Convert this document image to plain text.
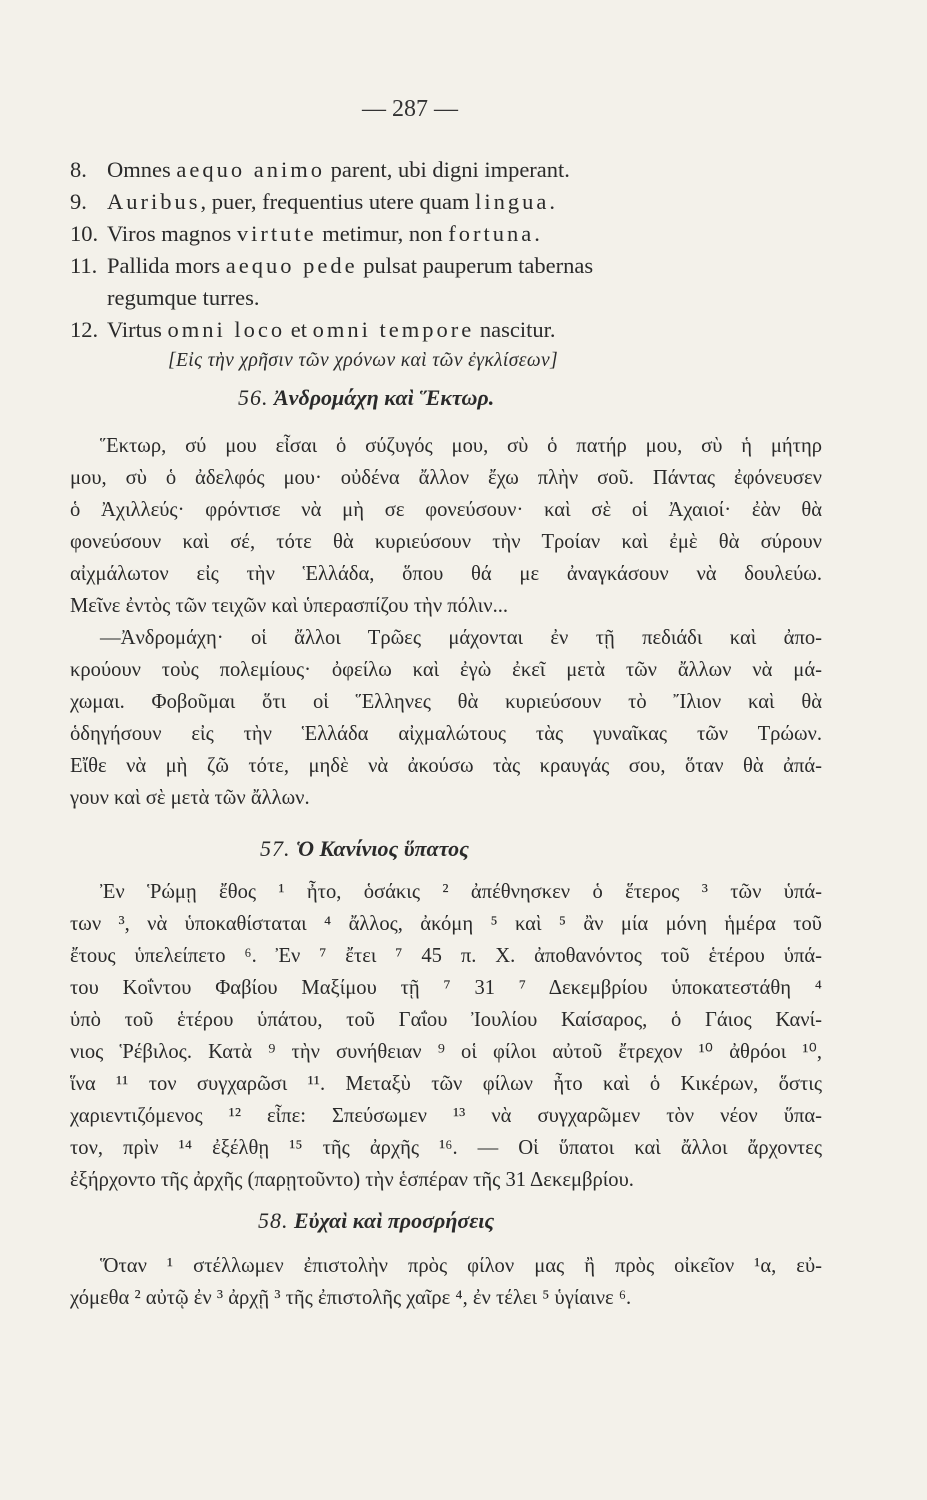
— 287 —
8. Omnes aequo animo parent, ubi digni imperant.
9. Auribus, puer, frequentius utere quam lingua.
10. Viros magnos virtute metimur, non fortuna.
11. Pallida mors aequo pede pulsat pauperum tabernas
regumque turres.
12. Virtus omni loco et omni tempore nascitur.
[Εἰς τὴν χρῆσιν τῶν χρόνων καὶ τῶν ἐγκλίσεων]
56. Ἀνδρομάχη καὶ Ἕκτωρ.
Ἕκτωρ, σύ μου εἶσαι ὁ σύζυγός μου, σὺ ὁ πατήρ μου, σὺ ἡ μήτηρ
μου, σὺ ὁ ἀδελφός μου· οὐδένα ἄλλον ἔχω πλὴν σοῦ. Πάντας ἐφόνευσεν
ὁ Ἀχιλλεύς· φρόντισε νὰ μὴ σε φονεύσουν· καὶ σὲ οἱ Ἀχαιοί· ἐὰν θὰ
φονεύσουν καὶ σέ, τότε θὰ κυριεύσουν τὴν Τροίαν καὶ ἐμὲ θὰ σύρουν
αἰχμάλωτον εἰς τὴν Ἑλλάδα, ὅπου θά με ἀναγκάσουν νὰ δουλεύω.
Μεῖνε ἐντὸς τῶν τειχῶν καὶ ὑπερασπίζου τὴν πόλιν...
—Ἀνδρομάχη· οἱ ἄλλοι Τρῶες μάχονται ἐν τῇ πεδιάδι καὶ ἀπο-
κρούουν τοὺς πολεμίους· ὀφείλω καὶ ἐγὼ ἐκεῖ μετὰ τῶν ἄλλων νὰ μά-
χωμαι. Φοβοῦμαι ὅτι οἱ Ἕλληνες θὰ κυριεύσουν τὸ Ἴλιον καὶ θὰ
ὁδηγήσουν εἰς τὴν Ἑλλάδα αἰχμαλώτους τὰς γυναῖκας τῶν Τρώων.
Εἴθε νὰ μὴ ζῶ τότε, μηδὲ νὰ ἀκούσω τὰς κραυγάς σου, ὅταν θὰ ἀπά-
γουν καὶ σὲ μετὰ τῶν ἄλλων.
57. Ὁ Κανίνιος ὕπατος
Ἐν Ῥώμῃ ἔθος ¹ ἦτο, ὁσάκις ² ἀπέθνησκεν ὁ ἕτερος ³ τῶν ὑπά-
των ³, νὰ ὑποκαθίσταται ⁴ ἄλλος, ἀκόμη ⁵ καὶ ⁵ ἂν μία μόνη ἡμέρα τοῦ
ἔτους ὑπελείπετο ⁶. Ἐν ⁷ ἔτει ⁷ 45 π. Χ. ἀποθανόντος τοῦ ἑτέρου ὑπά-
του Κοΐντου Φαβίου Μαξίμου τῇ ⁷ 31 ⁷ Δεκεμβρίου ὑποκατεστάθη ⁴
ὑπὸ τοῦ ἑτέρου ὑπάτου, τοῦ Γαΐου Ἰουλίου Καίσαρος, ὁ Γάιος Κανί-
νιος Ῥέβιλος. Κατὰ ⁹ τὴν συνήθειαν ⁹ οἱ φίλοι αὐτοῦ ἔτρεχον ¹⁰ ἀθρόοι ¹⁰,
ἵνα ¹¹ τον συγχαρῶσι ¹¹. Μεταξὺ τῶν φίλων ἦτο καὶ ὁ Κικέρων, ὅστις
χαριεντιζόμενος ¹² εἶπε: Σπεύσωμεν ¹³ νὰ συγχαρῶμεν τὸν νέον ὕπα-
τον, πρὶν ¹⁴ ἐξέλθῃ ¹⁵ τῆς ἀρχῆς ¹⁶. — Οἱ ὕπατοι καὶ ἄλλοι ἄρχοντες
ἐξήρχοντο τῆς ἀρχῆς (παρῃτοῦντο) τὴν ἑσπέραν τῆς 31 Δεκεμβρίου.
58. Εὐχαὶ καὶ προσρήσεις
Ὅταν ¹ στέλλωμεν ἐπιστολὴν πρὸς φίλον μας ἢ πρὸς οἰκεῖον ¹α, εὐ-
χόμεθα ² αὐτῷ ἐν ³ ἀρχῇ ³ τῆς ἐπιστολῆς χαῖρε ⁴, ἐν τέλει ⁵ ὑγίαινε ⁶.
